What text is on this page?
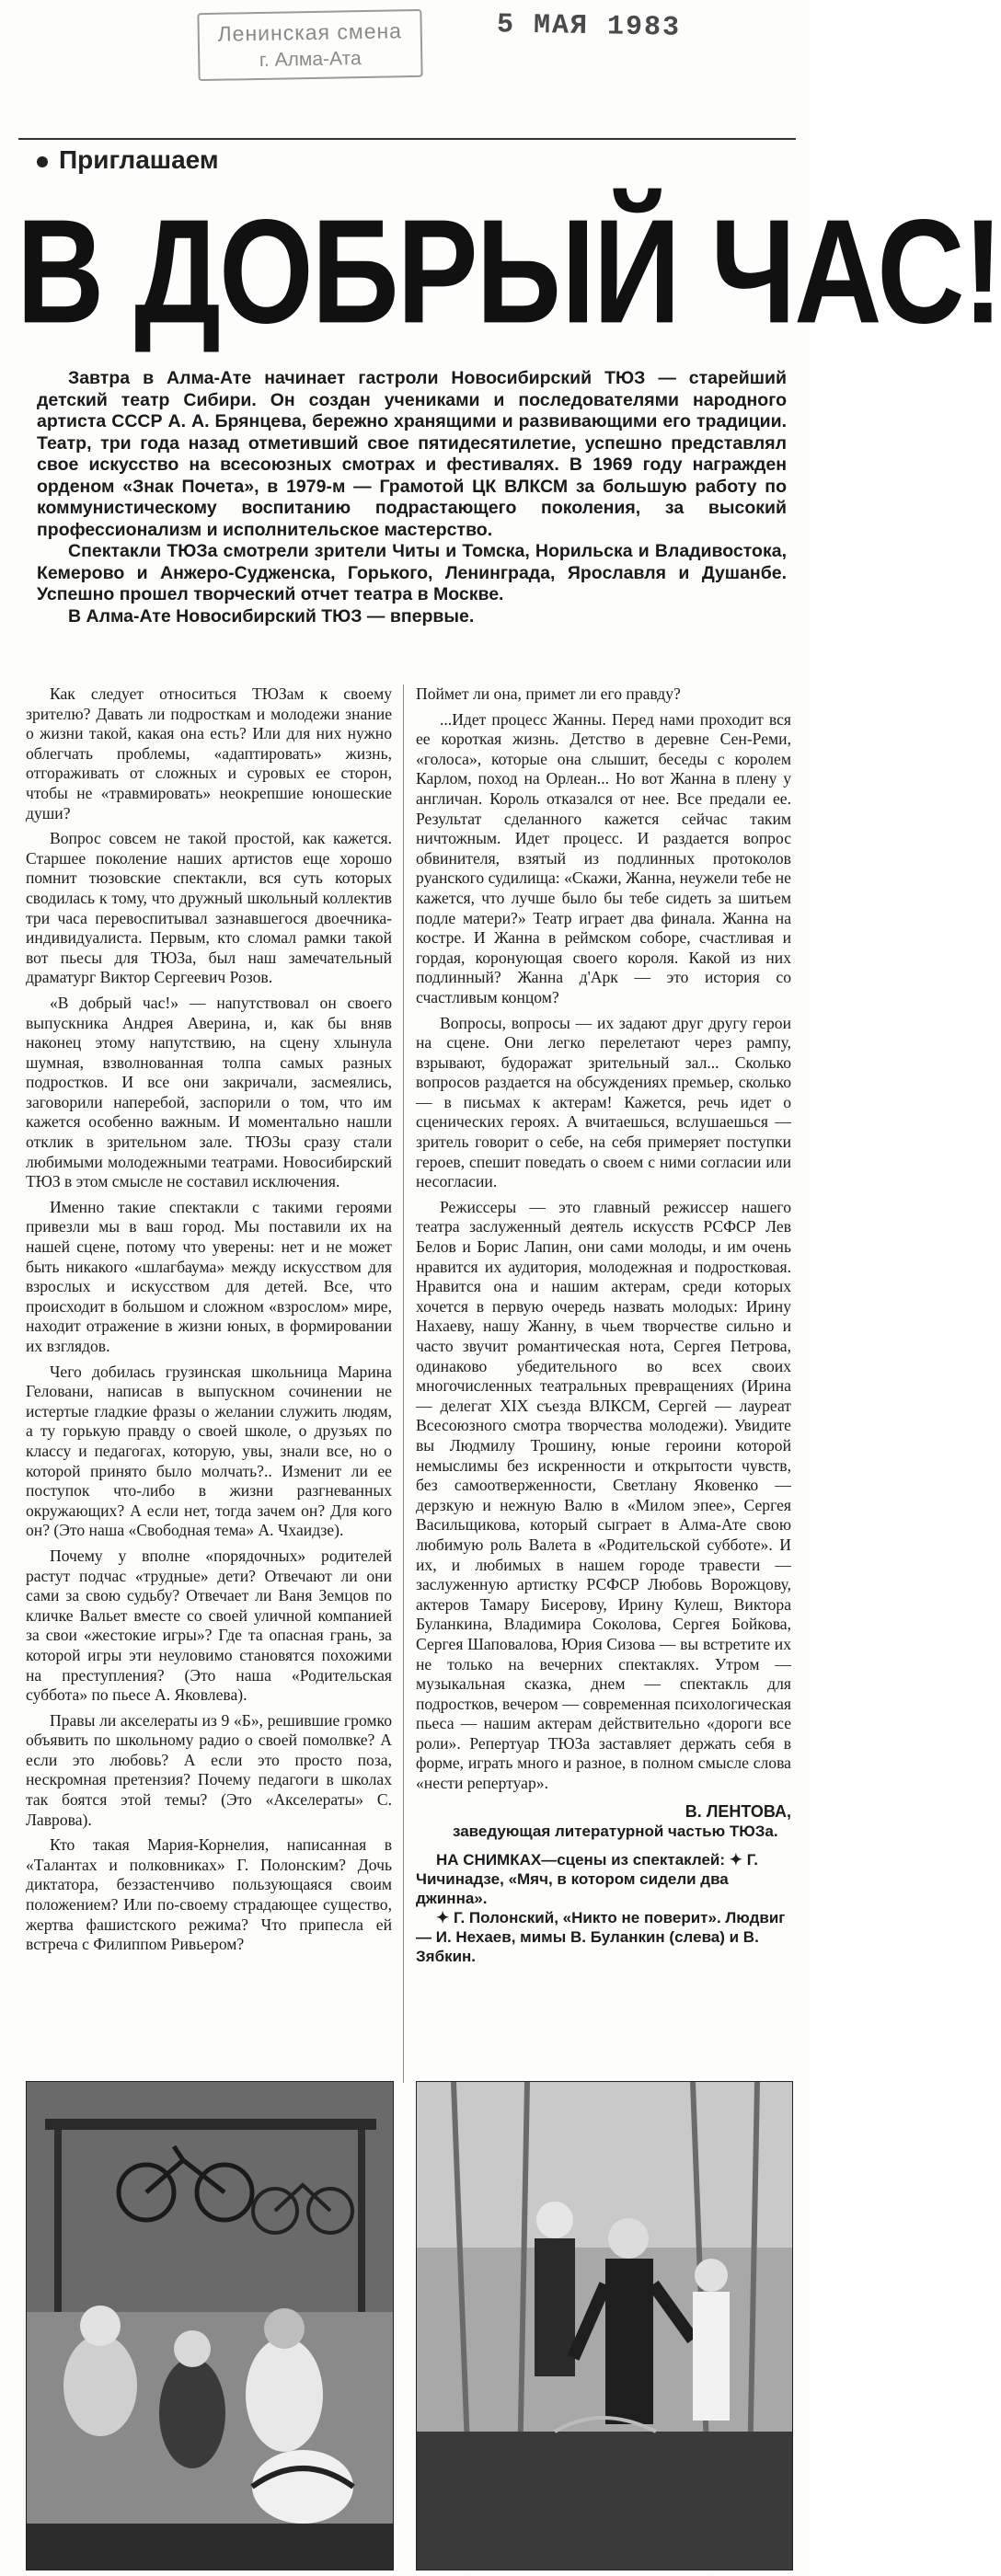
Ленинская смена
г. Алма-Ата
5 МАЯ 1983
Приглашаем
В ДОБРЫЙ ЧАС!

Завтра в Алма-Ате начинает гастроли Новосибирский ТЮЗ — старейший детский театр Сибири. Он создан учениками и последователями народного артиста СССР А. А. Брянцева, бережно хранящими и развивающими его традиции. Театр, три года назад отметивший свое пятидесятилетие, успешно представлял свое искусство на всесоюзных смотрах и фестивалях. В 1969 году награжден орденом «Знак Почета», в 1979-м — Грамотой ЦК ВЛКСМ за большую работу по коммунистическому воспитанию подрастающего поколения, за высокий профессионализм и исполнительское мастерство.

Спектакли ТЮЗа смотрели зрители Читы и Томска, Норильска и Владивостока, Кемерово и Анжеро-Судженска, Горького, Ленинграда, Ярославля и Душанбе. Успешно прошел творческий отчет театра в Москве.

В Алма-Ате Новосибирский ТЮЗ — впервые.

Как следует относиться ТЮЗам к своему зрителю? Давать ли подросткам и молодежи знание о жизни такой, какая она есть? Или для них нужно облегчать проблемы, «адаптировать» жизнь, отгораживать от сложных и суровых ее сторон, чтобы не «травмировать» неокрепшие юношеские души?

Вопрос совсем не такой простой, как кажется. Старшее поколение наших артистов еще хорошо помнит тюзовские спектакли, вся суть которых сводилась к тому, что дружный школьный коллектив три часа перевоспитывал зазнавшегося двоечника-индивидуалиста. Первым, кто сломал рамки такой вот пьесы для ТЮЗа, был наш замечательный драматург Виктор Сергеевич Розов.

«В добрый час!» — напутствовал он своего выпускника Андрея Аверина, и, как бы вняв наконец этому напутствию, на сцену хлынула шумная, взволнованная толпа самых разных подростков. И все они закричали, засмеялись, заговорили наперебой, заспорили о том, что им кажется особенно важным. И моментально нашли отклик в зрительном зале. ТЮЗы сразу стали любимыми молодежными театрами. Новосибирский ТЮЗ в этом смысле не составил исключения.

Именно такие спектакли с такими героями привезли мы в ваш город. Мы поставили их на нашей сцене, потому что уверены: нет и не может быть никакого «шлагбаума» между искусством для взрослых и искусством для детей. Все, что происходит в большом и сложном «взрослом» мире, находит отражение в жизни юных, в формировании их взглядов.

Чего добилась грузинская школьница Марина Геловани, написав в выпускном сочинении не истертые гладкие фразы о желании служить людям, а ту горькую правду о своей школе, о друзьях по классу и педагогах, которую, увы, знали все, но о которой принято было молчать?.. Изменит ли ее поступок что-либо в жизни разгневанных окружающих? А если нет, тогда зачем он? Для кого он? (Это наша «Свободная тема» А. Чхаидзе).

Почему у вполне «порядочных» родителей растут подчас «трудные» дети? Отвечают ли они сами за свою судьбу? Отвечает ли Ваня Земцов по кличке Вальет вместе со своей уличной компанией за свои «жестокие игры»? Где та опасная грань, за которой игры эти неуловимо становятся похожими на преступления? (Это наша «Родительская суббота» по пьесе А. Яковлева).

Правы ли акселераты из 9 «Б», решившие громко объявить по школьному радио о своей помолвке? А если это любовь? А если это просто поза, нескромная претензия? Почему педагоги в школах так боятся этой темы? (Это «Акселераты» С. Лаврова).

Кто такая Мария-Корнелия, написанная в «Талантах и полковниках» Г. Полонским? Дочь диктатора, беззастенчиво пользующаяся своим положением? Или по-своему страдающее существо, жертва фашистского режима? Что припесла ей встреча с Филиппом Ривьером?

Поймет ли она, примет ли его правду?

...Идет процесс Жанны. Перед нами проходит вся ее короткая жизнь. Детство в деревне Сен-Реми, «голоса», которые она слышит, беседы с королем Карлом, поход на Орлеан... Но вот Жанна в плену у англичан. Король отказался от нее. Все предали ее. Результат сделанного кажется сейчас таким ничтожным. Идет процесс. И раздается вопрос обвинителя, взятый из подлинных протоколов руанского судилища: «Скажи, Жанна, неужели тебе не кажется, что лучше было бы тебе сидеть за шитьем подле матери?» Театр играет два финала. Жанна на костре. И Жанна в реймском соборе, счастливая и гордая, коронующая своего короля. Какой из них подлинный? Жанна д'Арк — это история со счастливым концом?

Вопросы, вопросы — их задают друг другу герои на сцене. Они легко перелетают через рампу, взрывают, будоражат зрительный зал... Сколько вопросов раздается на обсуждениях премьер, сколько — в письмах к актерам! Кажется, речь идет о сценических героях. А вчитаешься, вслушаешься — зритель говорит о себе, на себя примеряет поступки героев, спешит поведать о своем с ними согласии или несогласии.

Режиссеры — это главный режиссер нашего театра заслуженный деятель искусств РСФСР Лев Белов и Борис Лапин, они сами молоды, и им очень нравится их аудитория, молодежная и подростковая. Нравится она и нашим актерам, среди которых хочется в первую очередь назвать молодых: Ирину Нахаеву, нашу Жанну, в чьем творчестве сильно и часто звучит романтическая нота, Сергея Петрова, одинаково убедительного во всех своих многочисленных театральных превращениях (Ирина — делегат XIX съезда ВЛКСМ, Сергей — лауреат Всесоюзного смотра творчества молодежи). Увидите вы Людмилу Трошину, юные героини которой немыслимы без искренности и открытости чувств, без самоотверженности, Светлану Яковенко — дерзкую и нежную Валю в «Милом эпее», Сергея Васильщикова, который сыграет в Алма-Ате свою любимую роль Валета в «Родительской субботе». И их, и любимых в нашем городе травести — заслуженную артистку РСФСР Любовь Ворожцову, актеров Тамару Бисерову, Ирину Кулеш, Виктора Буланкина, Владимира Соколова, Сергея Бойкова, Сергея Шаповалова, Юрия Сизова — вы встретите их не только на вечерних спектаклях. Утром — музыкальная сказка, днем — спектакль для подростков, вечером — современная психологическая пьеса — нашим актерам действительно «дороги все роли». Репертуар ТЮЗа заставляет держать себя в форме, играть много и разное, в полном смысле слова «нести репертуар».

В. ЛЕНТОВА,
заведующая литературной частью ТЮЗа.

НА СНИМКАХ—сцены из спектаклей: ✦ Г. Чичинадзе, «Мяч, в котором сидели два джинна».

✦ Г. Полонский, «Никто не поверит». Людвиг — И. Нехаев, мимы В. Буланкин (слева) и В. Зябкин.
